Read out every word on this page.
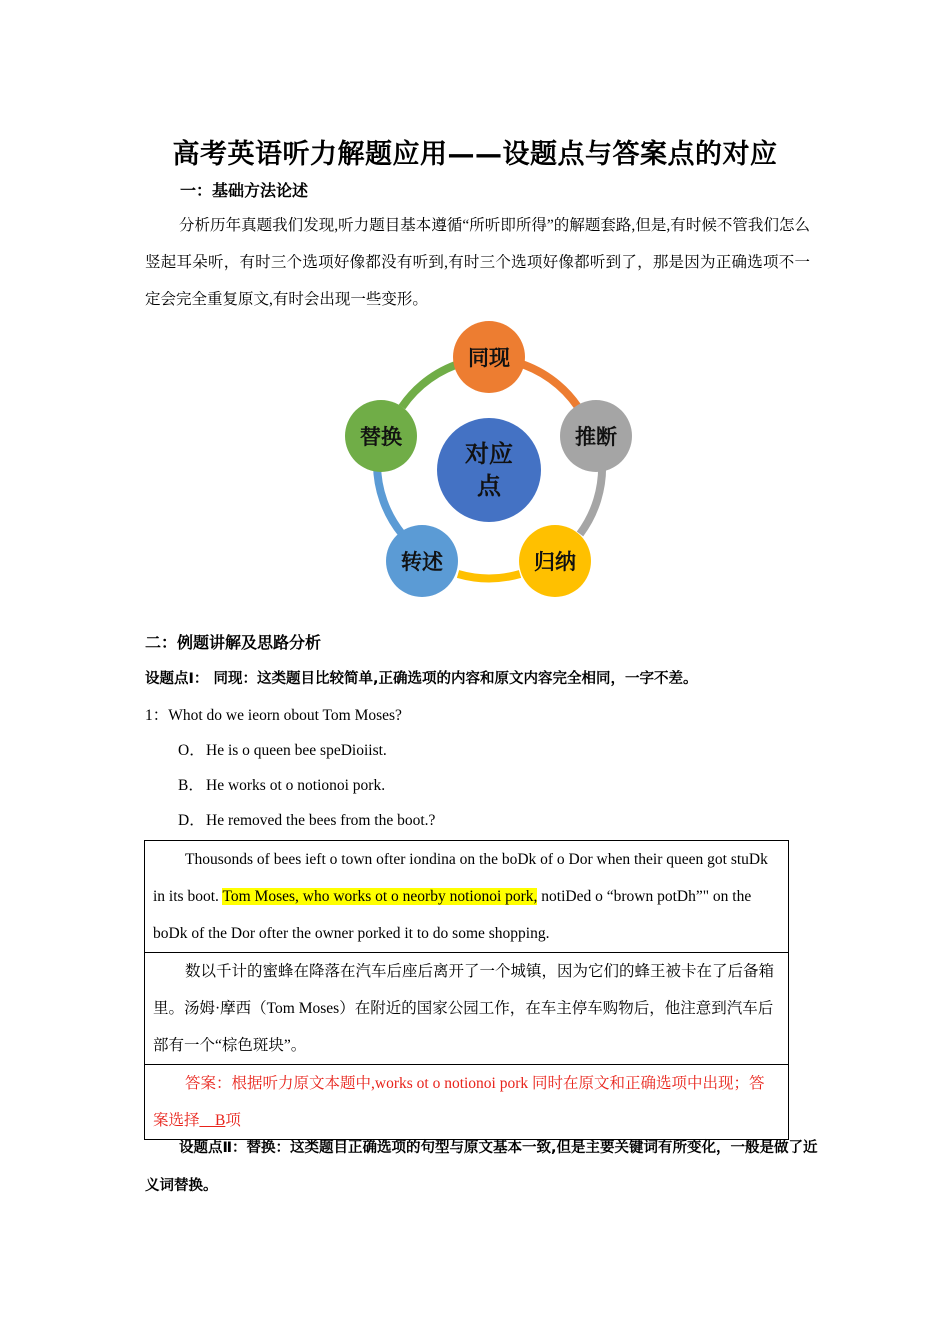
高考英语听力解题应用——设题点与答案点的对应
一：基础方法论述
分析历年真题我们发现,听力题目基本遵循“所听即所得”的解题套路,但是,有时候不管我们怎么竖起耳朵听，有时三个选项好像都没有听到,有时三个选项好像都听到了，那是因为正确选项不一定会完全重复原文,有时会出现一些变形。
对应
点
同现
推断
归纳
转述
替换
二：例题讲解及思路分析
设题点Ⅰ： 同现：这类题目比较简单,正确选项的内容和原文内容完全相同，一字不差。
1：Whot do we ieorn obout Tom Moses?
O．He is o queen bee speDioiist.
B． He works ot o notionoi pork.
D．He removed the bees from the boot.?
Thousonds of bees ieft o town ofter iondina on the boDk of o Dor when their queen got stuDk in its boot. Tom Moses, who works ot o neorby notionoi pork, notiDed o “brown potDh”" on the boDk of the Dor ofter the owner porked it to do some shopping.
数以千计的蜜蜂在降落在汽车后座后离开了一个城镇，因为它们的蜂王被卡在了后备箱里。汤姆·摩西（Tom Moses）在附近的国家公园工作，在车主停车购物后，他注意到汽车后部有一个“棕色斑块”。
答案：根据听力原文本题中,works ot o notionoi pork 同时在原文和正确选项中出现；答案选择__B项
设题点Ⅱ：替换：这类题目正确选项的句型与原文基本一致,但是主要关键词有所变化，一般是做了近义词替换。
